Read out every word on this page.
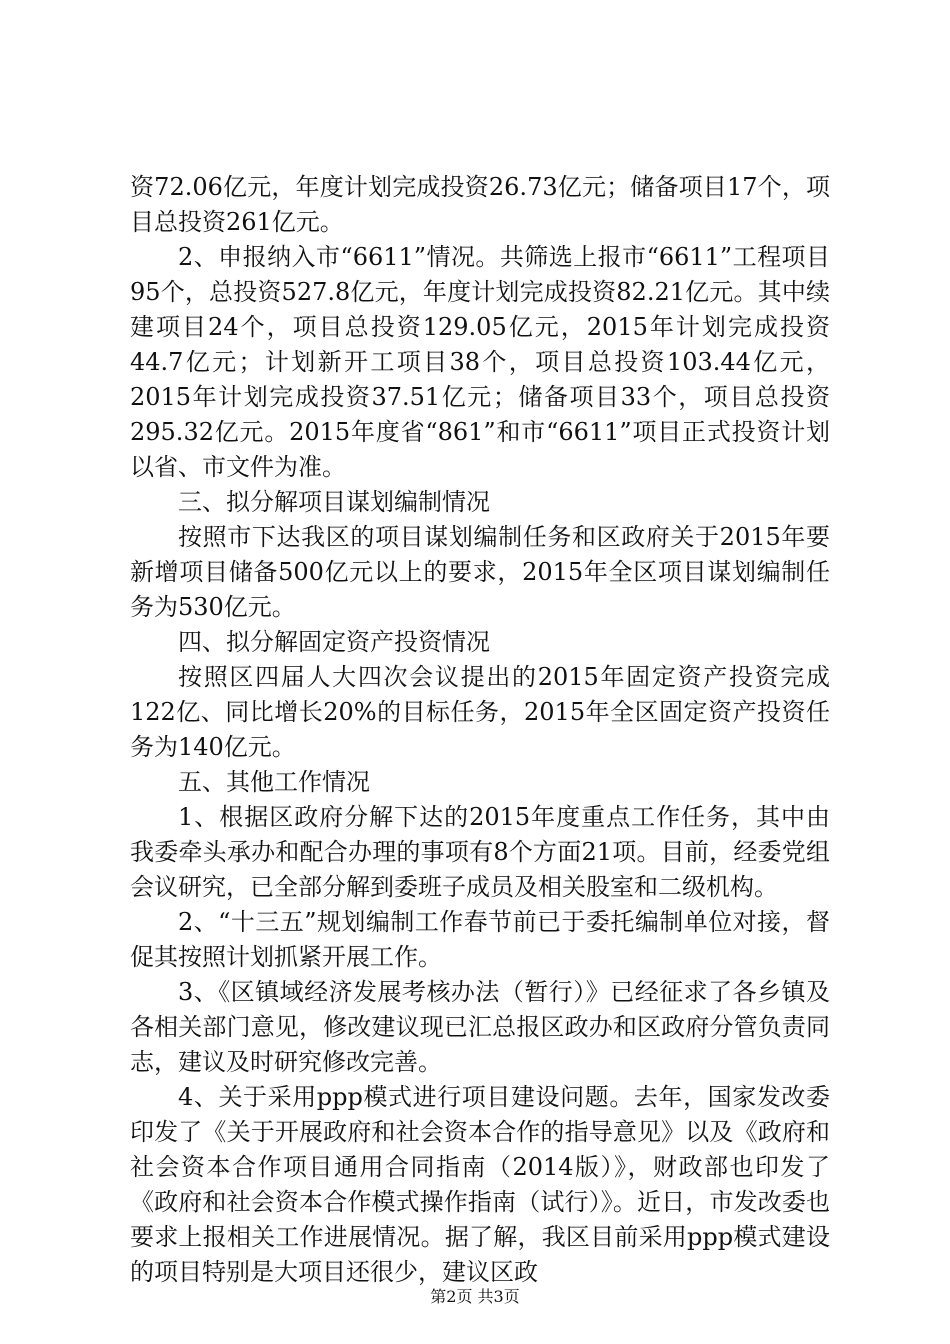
资72.06亿元，年度计划完成投资26.73亿元；储备项目17个，项目总投资261亿元。

2、申报纳入市“6611”情况。共筛选上报市“6611”工程项目95个，总投资527.8亿元，年度计划完成投资82.21亿元。其中续建项目24个，项目总投资129.05亿元，2015年计划完成投资44.7亿元；计划新开工项目38个，项目总投资103.44亿元，2015年计划完成投资37.51亿元；储备项目33个，项目总投资295.32亿元。2015年度省“861”和市“6611”项目正式投资计划以省、市文件为准。

三、拟分解项目谋划编制情况

按照市下达我区的项目谋划编制任务和区政府关于2015年要新增项目储备500亿元以上的要求，2015年全区项目谋划编制任务为530亿元。

四、拟分解固定资产投资情况

按照区四届人大四次会议提出的2015年固定资产投资完成122亿、同比增长20%的目标任务，2015年全区固定资产投资任务为140亿元。

五、其他工作情况

1、根据区政府分解下达的2015年度重点工作任务，其中由我委牵头承办和配合办理的事项有8个方面21项。目前，经委党组会议研究，已全部分解到委班子成员及相关股室和二级机构。

2、“十三五”规划编制工作春节前已于委托编制单位对接，督促其按照计划抓紧开展工作。

3、《区镇域经济发展考核办法（暂行）》已经征求了各乡镇及各相关部门意见，修改建议现已汇总报区政办和区政府分管负责同志，建议及时研究修改完善。

4、关于采用ppp模式进行项目建设问题。去年，国家发改委印发了《关于开展政府和社会资本合作的指导意见》以及《政府和社会资本合作项目通用合同指南（2014版）》，财政部也印发了《政府和社会资本合作模式操作指南（试行）》。近日，市发改委也要求上报相关工作进展情况。据了解，我区目前采用ppp模式建设的项目特别是大项目还很少，建议区政

第2页 共3页
